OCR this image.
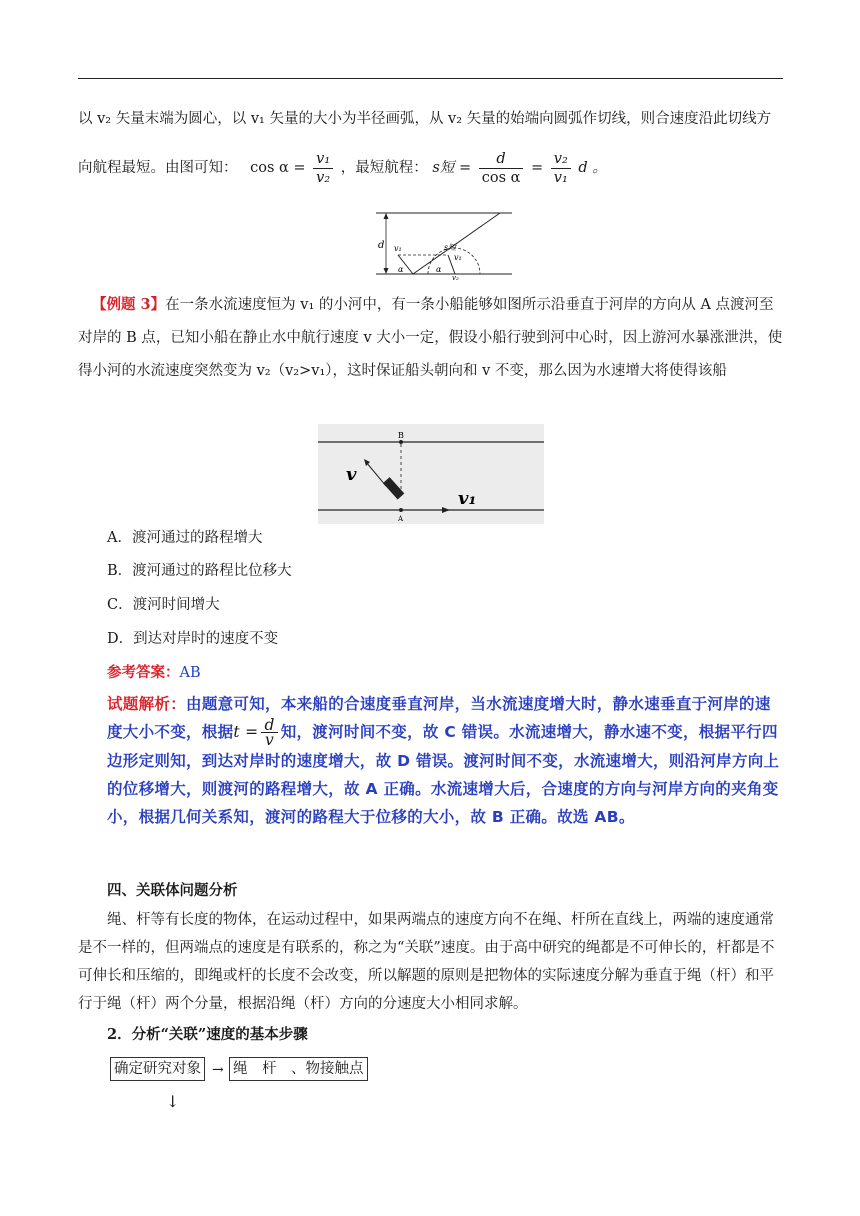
以 v₂ 矢量末端为圆心，以 v₁ 矢量的大小为半径画弧，从 v₂ 矢量的始端向圆弧作切线，则合速度沿此切线方
向航程最短。由图可知： $\cos \alpha = \frac{\text{v₁}}{\text{v₂}}$ ，最短航程： s短 = $\frac{d}{\text{cos α}} = \frac{\text{v₂}}{\text{v₁}}$ d 。
d v₁	s短
v₁
α	α
v₂
【例题 3】在一条水流速度恒为 v₁ 的小河中，有一条小船能够如图所示沿垂直于河岸的方向从 A 点渡河至对岸的 B 点，已知小船在静止水中航行速度 v 大小一定，假设小船行驶到河中心时，因上游河水暴涨泄洪，使得小河的水流速度突然变为 v₂（v₂>v₁），这时保证船头朝向和 v 不变，那么因为水速增大将使得该船
B
v
A
v₁
A．渡河通过的路程增大
B．渡河通过的路程比位移大
C．渡河时间增大
D．到达对岸时的速度不变
参考答案：AB
试题解析：由题意可知，本来船的合速度垂直河岸，当水流速度增大时，静水速垂直于河岸的速度大小不变，根据$t = \frac{d}{v}$ 知，渡河时间不变，故 C 错误。水流速增大，静水速不变，根据平行四边形定则知，到达对岸时的速度增大，故 D 错误。渡河时间不变，水流速增大，则沿河岸方向上的位移增大，则渡河的路程增大，故 A 正确。水流速增大后，合速度的方向与河岸方向的夹角变小，根据几何关系知，渡河的路程大于位移的大小，故 B 正确。故选 AB。
四、关联体问题分析
绳、杆等有长度的物体，在运动过程中，如果两端点的速度方向不在绳、杆所在直线上，两端的速度通常是不一样的，但两端点的速度是有联系的，称之为“关联”速度。由于高中研究的绳都是不可伸长的，杆都是不可伸长和压缩的，即绳或杆的长度不会改变，所以解题的原则是把物体的实际速度分解为垂直于绳（杆）和平行于绳（杆）两个分量，根据沿绳（杆）方向的分速度大小相同求解。
2．分析“关联”速度的基本步骤
确定研究对象 → 绳　杆　、物接触点
↓
